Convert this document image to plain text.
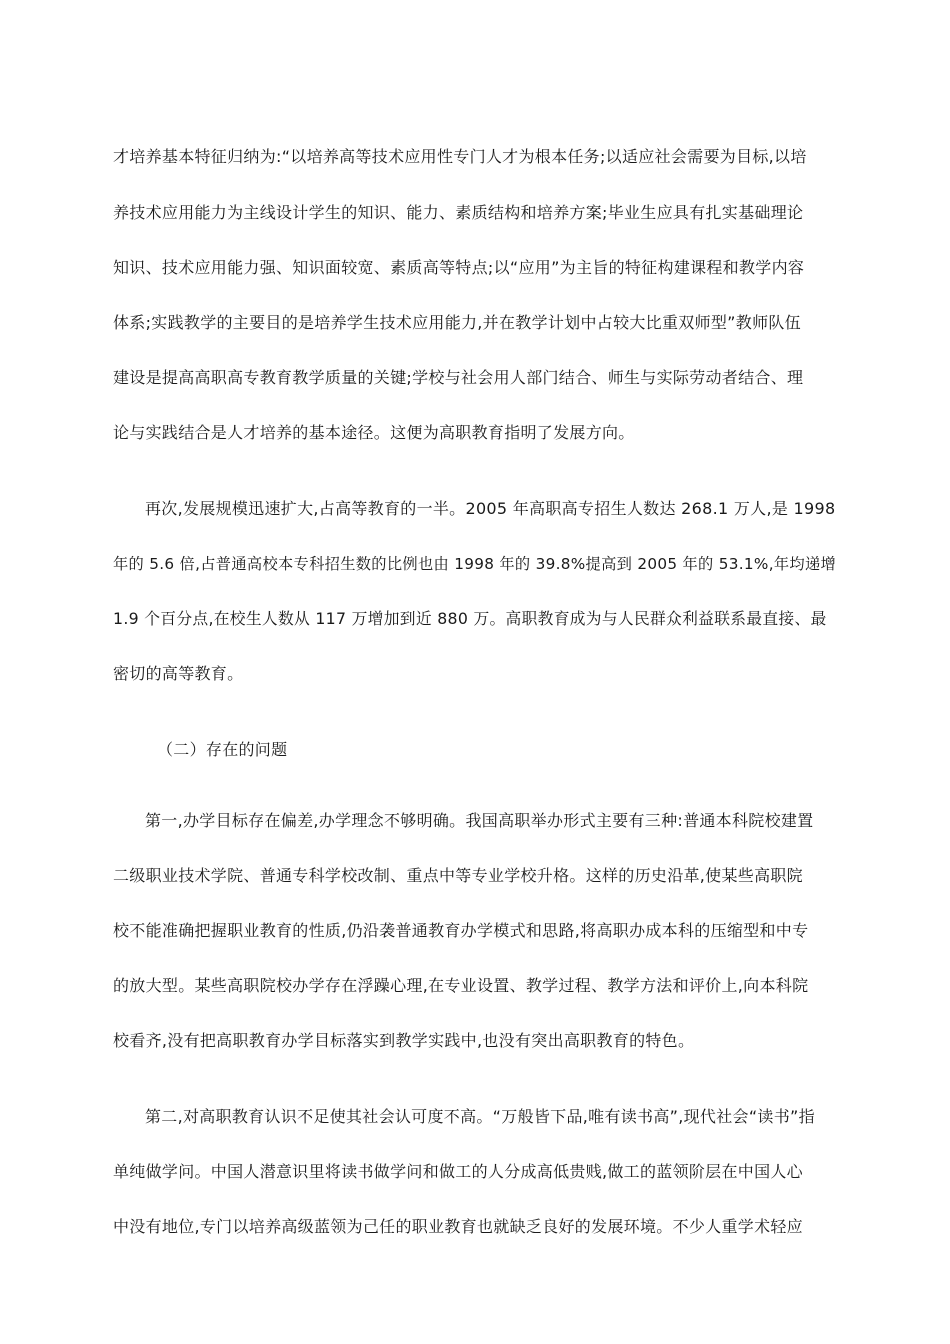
才培养基本特征归纳为:“以培养高等技术应用性专门人才为根本任务;以适应社会需要为目标,以培
养技术应用能力为主线设计学生的知识、能力、素质结构和培养方案;毕业生应具有扎实基础理论
知识、技术应用能力强、知识面较宽、素质高等特点;以“应用”为主旨的特征构建课程和教学内容
体系;实践教学的主要目的是培养学生技术应用能力,并在教学计划中占较大比重双师型”教师队伍
建设是提高高职高专教育教学质量的关键;学校与社会用人部门结合、师生与实际劳动者结合、理
论与实践结合是人才培养的基本途径。这便为高职教育指明了发展方向。
再次,发展规模迅速扩大,占高等教育的一半。2005 年高职高专招生人数达 268.1 万人,是 1998
年的 5.6 倍,占普通高校本专科招生数的比例也由 1998 年的 39.8%提高到 2005 年的 53.1%,年均递增
1.9 个百分点,在校生人数从 117 万增加到近 880 万。高职教育成为与人民群众利益联系最直接、最
密切的高等教育。
（二）存在的问题
第一,办学目标存在偏差,办学理念不够明确。我国高职举办形式主要有三种:普通本科院校建置
二级职业技术学院、普通专科学校改制、重点中等专业学校升格。这样的历史沿革,使某些高职院
校不能准确把握职业教育的性质,仍沿袭普通教育办学模式和思路,将高职办成本科的压缩型和中专
的放大型。某些高职院校办学存在浮躁心理,在专业设置、教学过程、教学方法和评价上,向本科院
校看齐,没有把高职教育办学目标落实到教学实践中,也没有突出高职教育的特色。
第二,对高职教育认识不足使其社会认可度不高。“万般皆下品,唯有读书高”,现代社会“读书”指
单纯做学问。中国人潜意识里将读书做学问和做工的人分成高低贵贱,做工的蓝领阶层在中国人心
中没有地位,专门以培养高级蓝领为己任的职业教育也就缺乏良好的发展环境。不少人重学术轻应
